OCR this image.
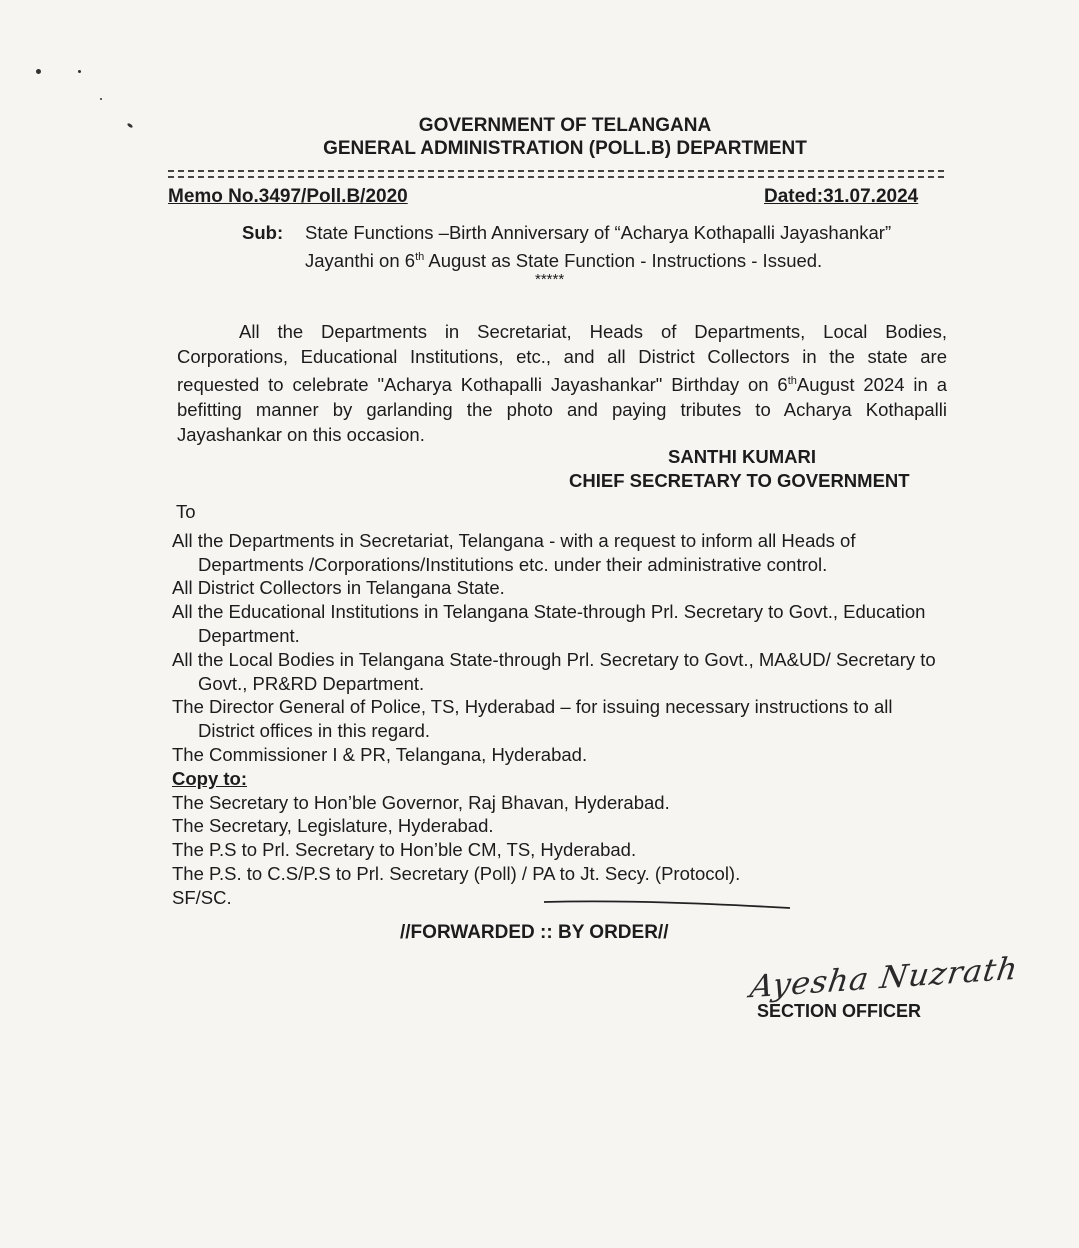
GOVERNMENT OF TELANGANA
GENERAL ADMINISTRATION (POLL.B) DEPARTMENT
Memo No.3497/Poll.B/2020	Dated:31.07.2024
Sub: State Functions –Birth Anniversary of “Acharya Kothapalli Jayashankar”
Jayanthi on 6th August as State Function - Instructions - Issued.
*****
All the Departments in Secretariat, Heads of Departments, Local Bodies, Corporations, Educational Institutions, etc., and all District Collectors in the state are requested to celebrate "Acharya Kothapalli Jayashankar" Birthday on 6thAugust 2024 in a befitting manner by garlanding the photo and paying tributes to Acharya Kothapalli Jayashankar on this occasion.
SANTHI KUMARI
CHIEF SECRETARY TO GOVERNMENT
To
All the Departments in Secretariat, Telangana - with a request to inform all Heads of Departments /Corporations/Institutions etc. under their administrative control.
All District Collectors in Telangana State.
All the Educational Institutions in Telangana State-through Prl. Secretary to Govt., Education Department.
All the Local Bodies in Telangana State-through Prl. Secretary to Govt., MA&UD/ Secretary to Govt., PR&RD Department.
The Director General of Police, TS, Hyderabad – for issuing necessary instructions to all District offices in this regard.
The Commissioner I & PR, Telangana, Hyderabad.
Copy to:
The Secretary to Hon’ble Governor, Raj Bhavan, Hyderabad.
The Secretary, Legislature, Hyderabad.
The P.S to Prl. Secretary to Hon’ble CM, TS, Hyderabad.
The P.S. to C.S/P.S to Prl. Secretary (Poll) / PA to Jt. Secy. (Protocol).
SF/SC.
//FORWARDED :: BY ORDER//
Ayesha Nuzrath
SECTION OFFICER
